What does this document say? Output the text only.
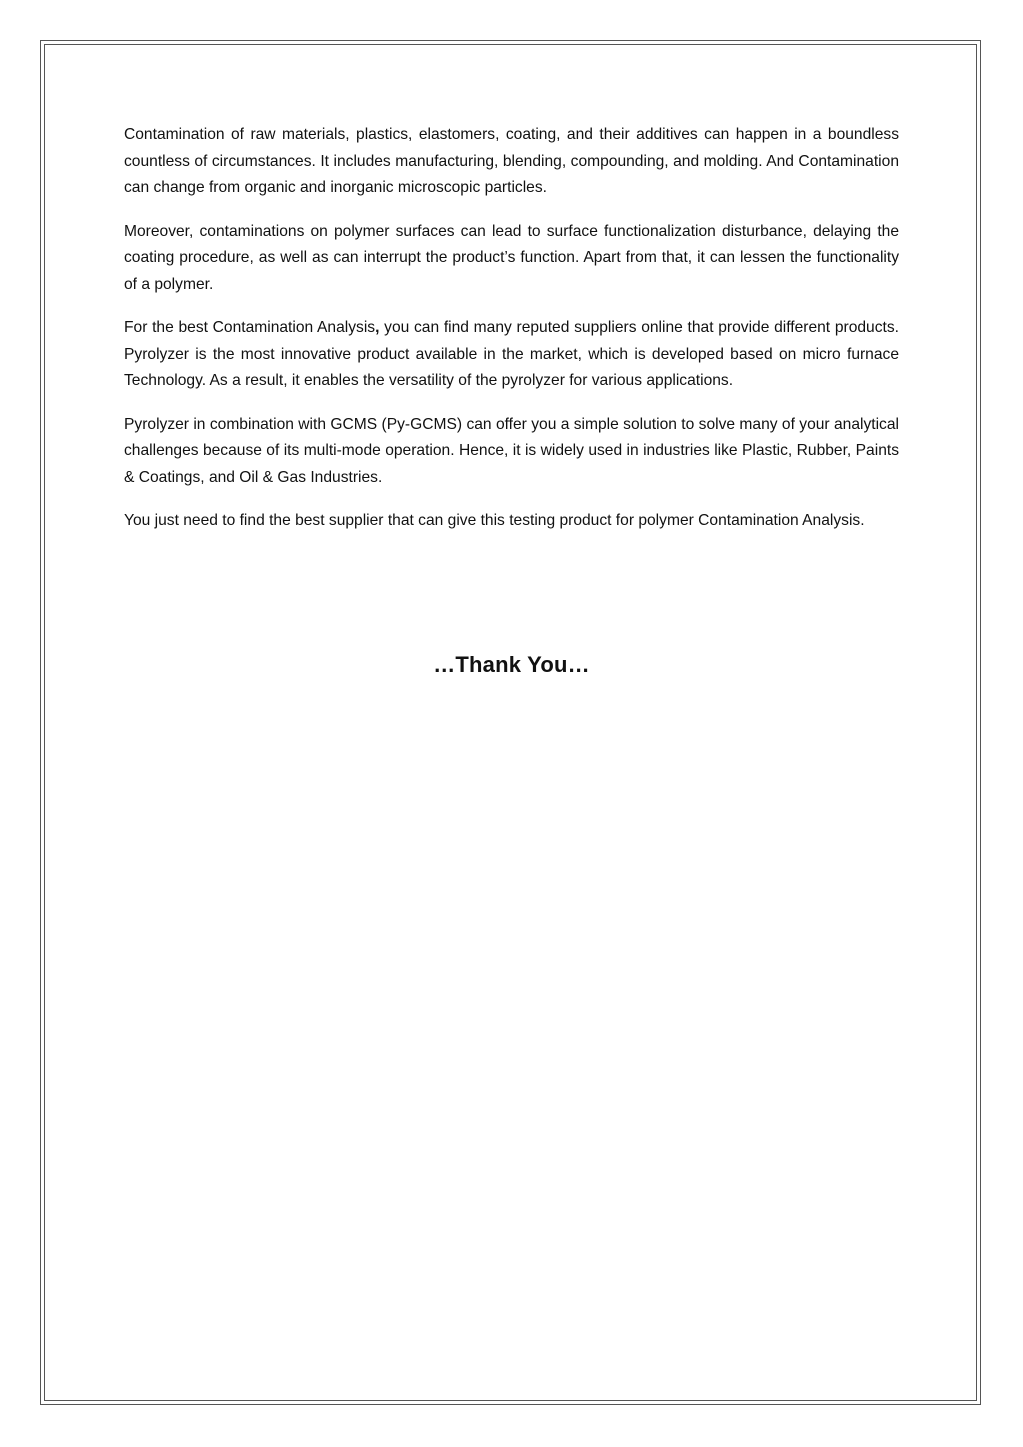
Contamination of raw materials, plastics, elastomers, coating, and their additives can happen in a boundless countless of circumstances. It includes manufacturing, blending, compounding, and molding. And Contamination can change from organic and inorganic microscopic particles.

Moreover, contaminations on polymer surfaces can lead to surface functionalization disturbance, delaying the coating procedure, as well as can interrupt the product’s function. Apart from that, it can lessen the functionality of a polymer.

For the best Contamination Analysis, you can find many reputed suppliers online that provide different products. Pyrolyzer is the most innovative product available in the market, which is developed based on micro furnace Technology. As a result, it enables the versatility of the pyrolyzer for various applications.

Pyrolyzer in combination with GCMS (Py-GCMS) can offer you a simple solution to solve many of your analytical challenges because of its multi-mode operation. Hence, it is widely used in industries like Plastic, Rubber, Paints & Coatings, and Oil & Gas Industries.

You just need to find the best supplier that can give this testing product for polymer Contamination Analysis.

…Thank You…
